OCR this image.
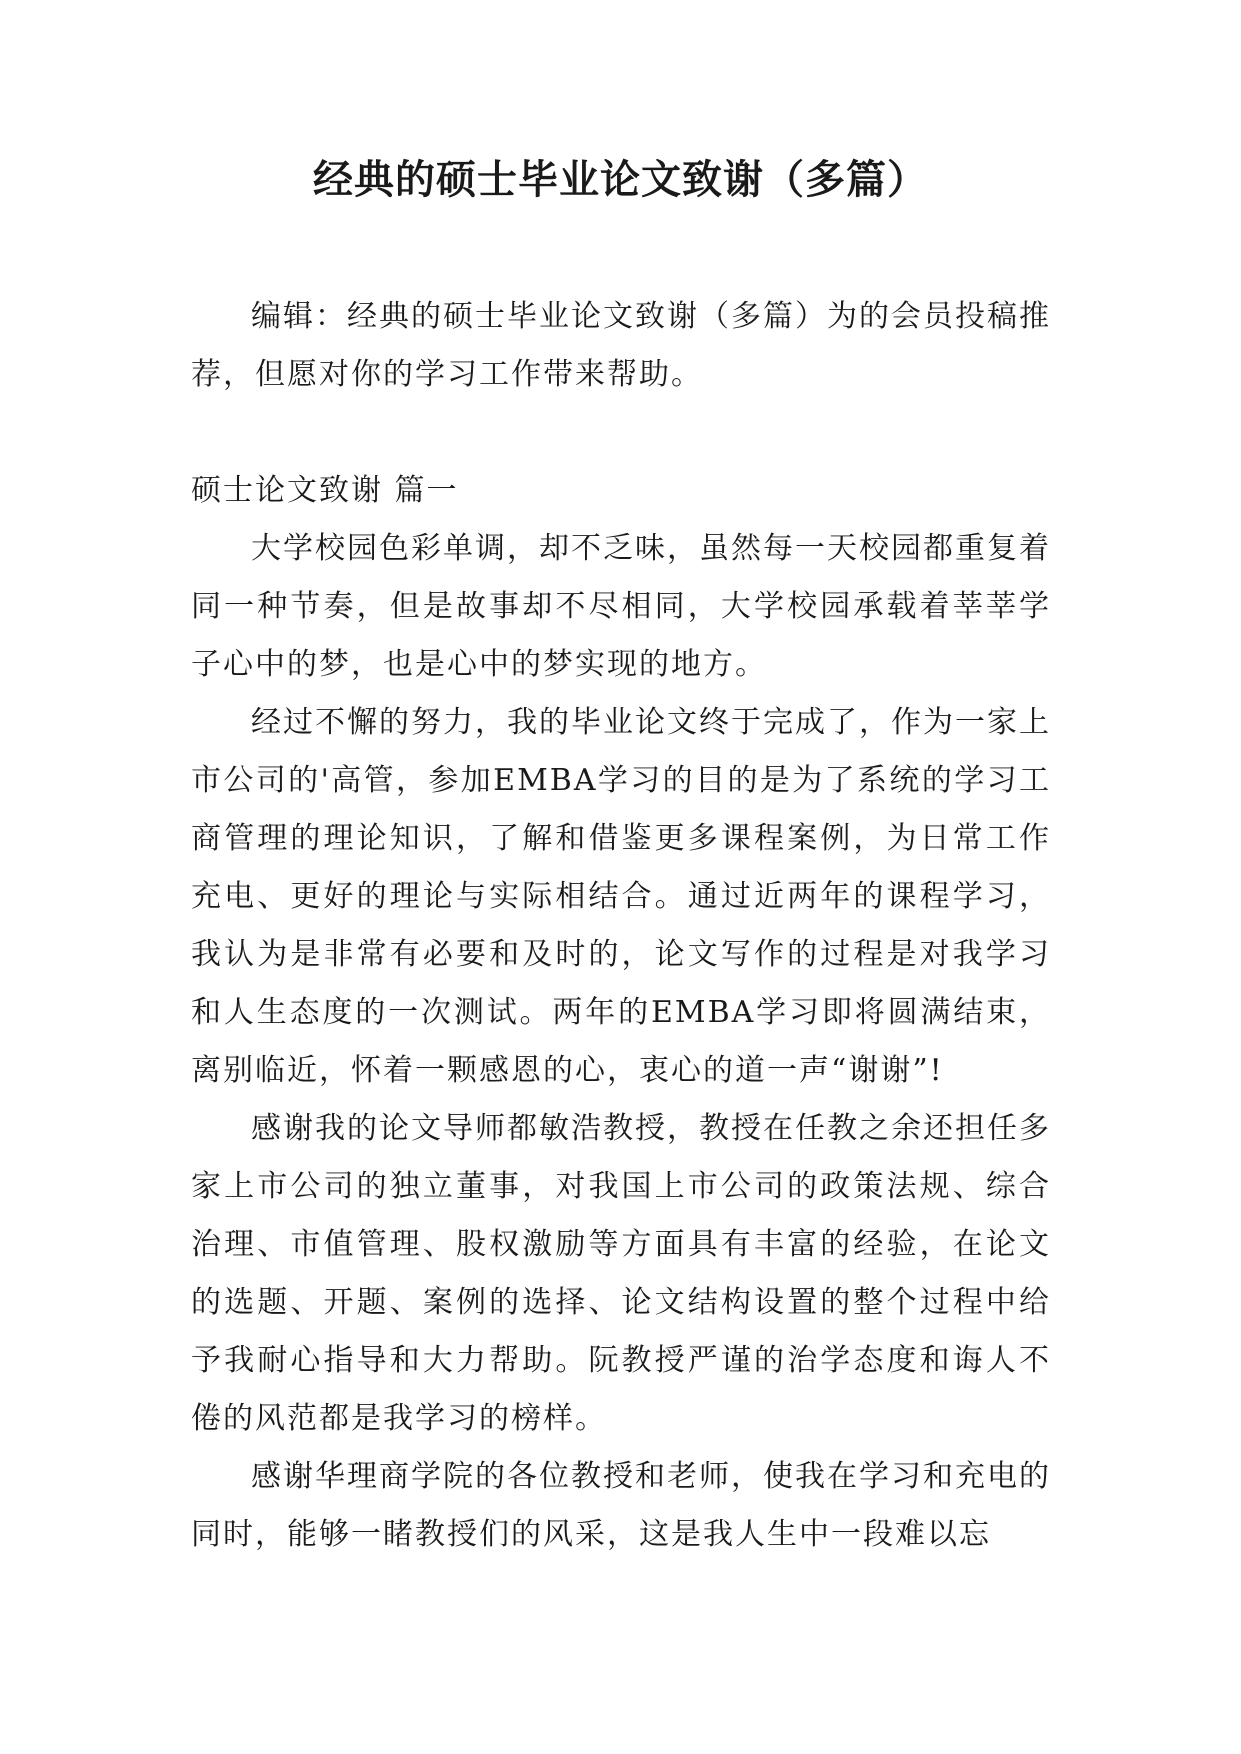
经典的硕士毕业论文致谢（多篇）

编辑：经典的硕士毕业论文致谢（多篇）为的会员投稿推荐，但愿对你的学习工作带来帮助。

硕士论文致谢 篇一

大学校园色彩单调，却不乏味，虽然每一天校园都重复着同一种节奏，但是故事却不尽相同，大学校园承载着莘莘学子心中的梦，也是心中的梦实现的地方。

经过不懈的努力，我的毕业论文终于完成了，作为一家上市公司的'高管，参加EMBA学习的目的是为了系统的学习工商管理的理论知识，了解和借鉴更多课程案例，为日常工作充电、更好的理论与实际相结合。通过近两年的课程学习，我认为是非常有必要和及时的，论文写作的过程是对我学习和人生态度的一次测试。两年的EMBA学习即将圆满结束，离别临近，怀着一颗感恩的心，衷心的道一声“谢谢”!

感谢我的论文导师都敏浩教授，教授在任教之余还担任多家上市公司的独立董事，对我国上市公司的政策法规、综合治理、市值管理、股权激励等方面具有丰富的经验，在论文的选题、开题、案例的选择、论文结构设置的整个过程中给予我耐心指导和大力帮助。阮教授严谨的治学态度和诲人不倦的风范都是我学习的榜样。

感谢华理商学院的各位教授和老师，使我在学习和充电的同时，能够一睹教授们的风采，这是我人生中一段难以忘
